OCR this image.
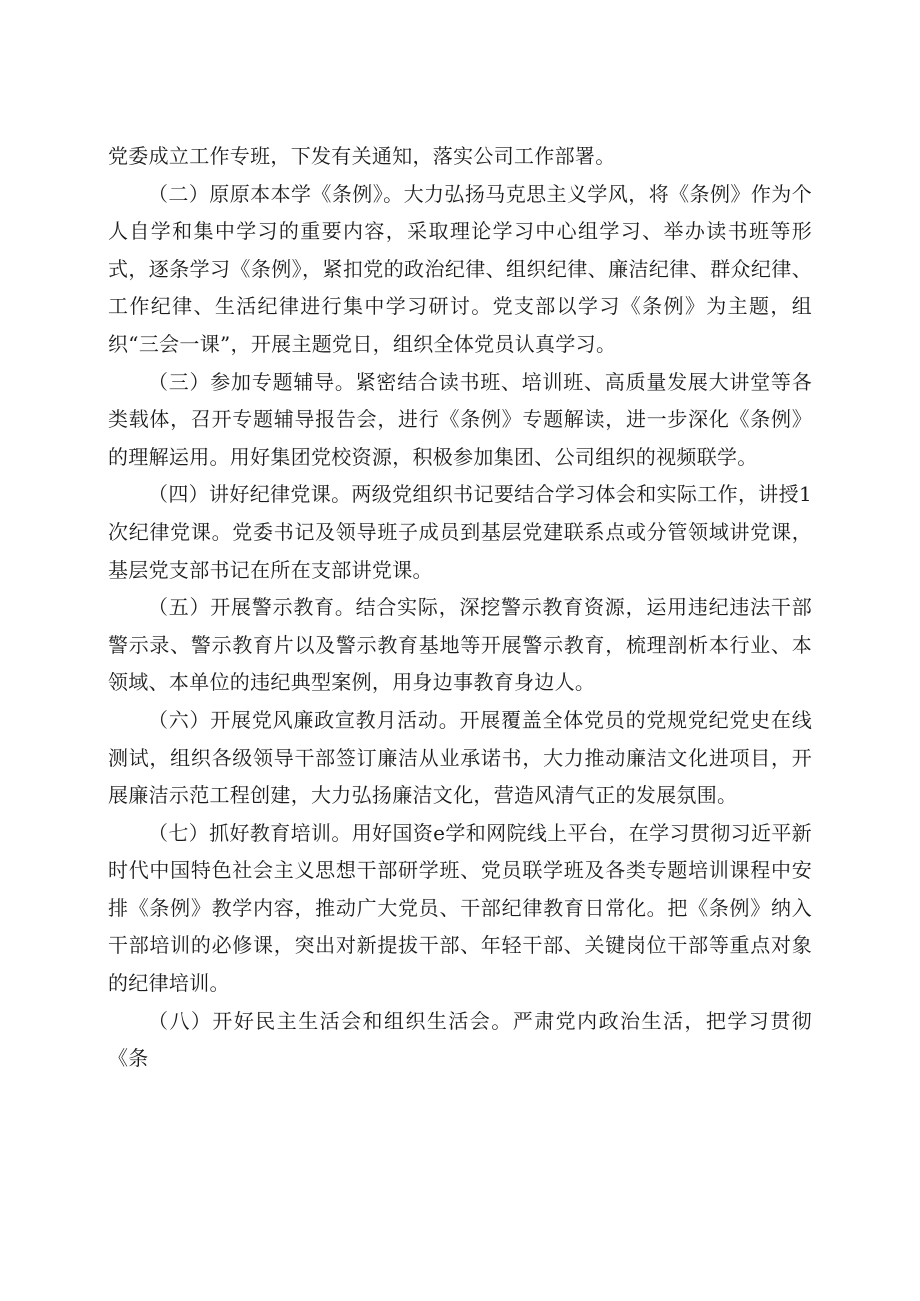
党委成立工作专班，下发有关通知，落实公司工作部署。

（二）原原本本学《条例》。大力弘扬马克思主义学风，将《条例》作为个人自学和集中学习的重要内容，采取理论学习中心组学习、举办读书班等形式，逐条学习《条例》，紧扣党的政治纪律、组织纪律、廉洁纪律、群众纪律、工作纪律、生活纪律进行集中学习研讨。党支部以学习《条例》为主题，组织“三会一课”，开展主题党日，组织全体党员认真学习。

（三）参加专题辅导。紧密结合读书班、培训班、高质量发展大讲堂等各类载体，召开专题辅导报告会，进行《条例》专题解读，进一步深化《条例》的理解运用。用好集团党校资源，积极参加集团、公司组织的视频联学。

（四）讲好纪律党课。两级党组织书记要结合学习体会和实际工作，讲授1次纪律党课。党委书记及领导班子成员到基层党建联系点或分管领域讲党课，基层党支部书记在所在支部讲党课。

（五）开展警示教育。结合实际，深挖警示教育资源，运用违纪违法干部警示录、警示教育片以及警示教育基地等开展警示教育，梳理剖析本行业、本领域、本单位的违纪典型案例，用身边事教育身边人。

（六）开展党风廉政宣教月活动。开展覆盖全体党员的党规党纪党史在线测试，组织各级领导干部签订廉洁从业承诺书，大力推动廉洁文化进项目，开展廉洁示范工程创建，大力弘扬廉洁文化，营造风清气正的发展氛围。

（七）抓好教育培训。用好国资e学和网院线上平台，在学习贯彻习近平新时代中国特色社会主义思想干部研学班、党员联学班及各类专题培训课程中安排《条例》教学内容，推动广大党员、干部纪律教育日常化。把《条例》纳入干部培训的必修课，突出对新提拔干部、年轻干部、关键岗位干部等重点对象的纪律培训。

（八）开好民主生活会和组织生活会。严肃党内政治生活，把学习贯彻《条
